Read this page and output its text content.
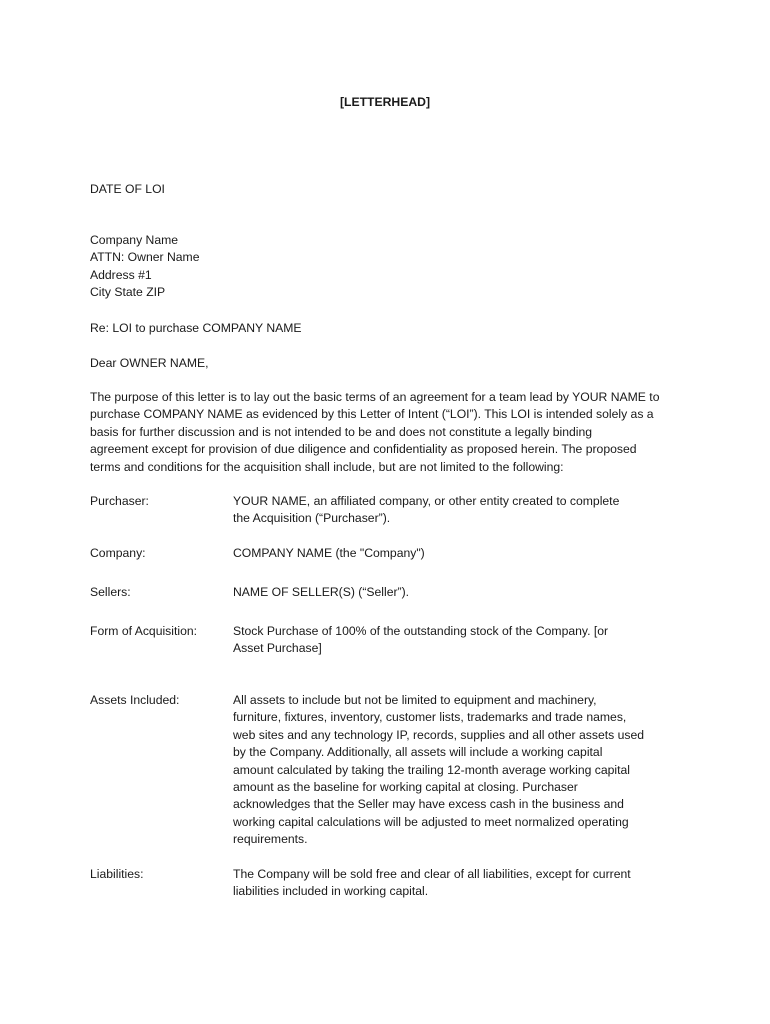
[LETTERHEAD]
DATE OF LOI
Company Name
ATTN: Owner Name
Address #1
City State ZIP
Re: LOI to purchase COMPANY NAME
Dear OWNER NAME,
The purpose of this letter is to lay out the basic terms of an agreement for a team lead by YOUR NAME to
purchase COMPANY NAME as evidenced by this Letter of Intent (“LOI”). This LOI is intended solely as a
basis for further discussion and is not intended to be and does not constitute a legally binding
agreement except for provision of due diligence and confidentiality as proposed herein. The proposed
terms and conditions for the acquisition shall include, but are not limited to the following:
Purchaser:	YOUR NAME, an affiliated company, or other entity created to complete
the Acquisition (“Purchaser”).
Company:	COMPANY NAME (the "Company")
Sellers:	NAME OF SELLER(S) (“Seller”).
Form of Acquisition:	Stock Purchase of 100% of the outstanding stock of the Company. [or
Asset Purchase]
Assets Included:	All assets to include but not be limited to equipment and machinery,
furniture, fixtures, inventory, customer lists, trademarks and trade names,
web sites and any technology IP, records, supplies and all other assets used
by the Company. Additionally, all assets will include a working capital
amount calculated by taking the trailing 12-month average working capital
amount as the baseline for working capital at closing. Purchaser
acknowledges that the Seller may have excess cash in the business and
working capital calculations will be adjusted to meet normalized operating
requirements.
Liabilities:	The Company will be sold free and clear of all liabilities, except for current
liabilities included in working capital.
